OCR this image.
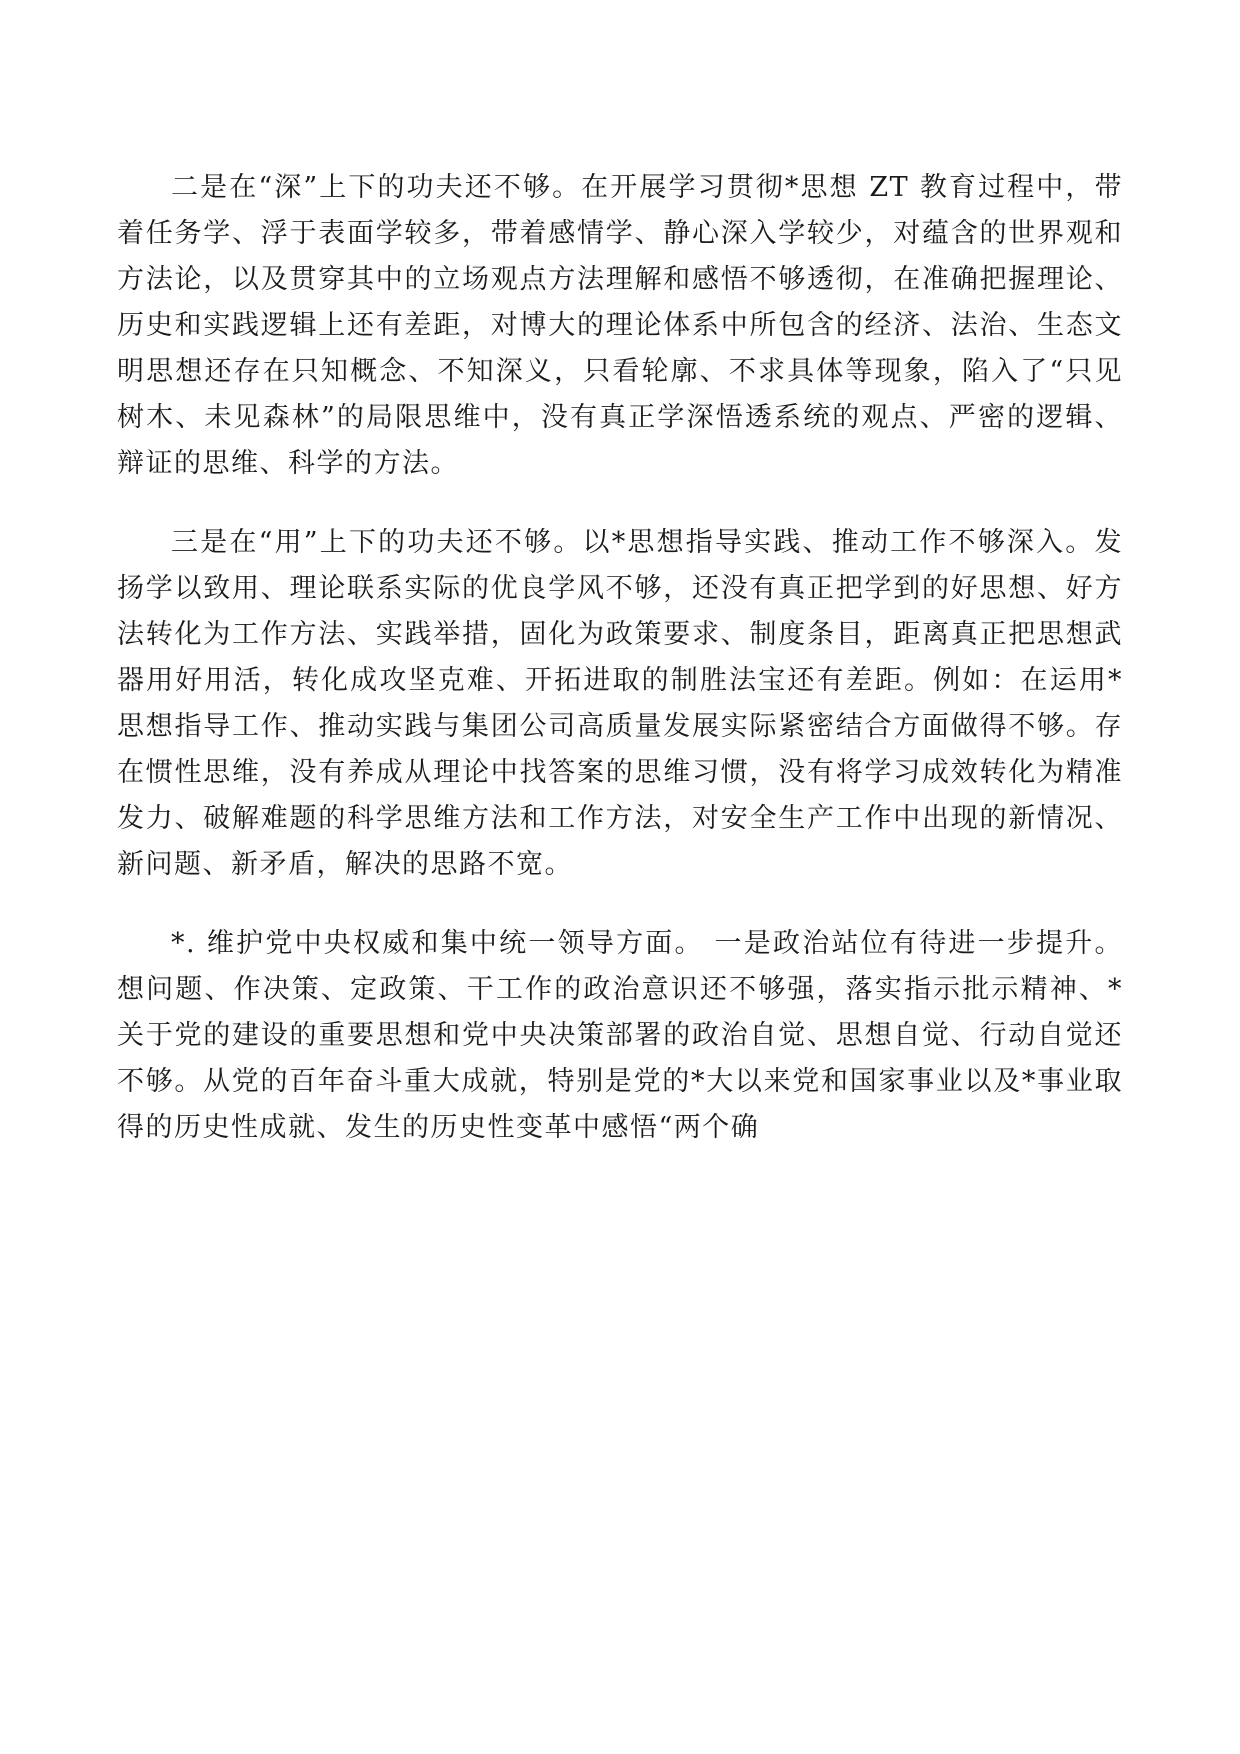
二是在“深”上下的功夫还不够。在开展学习贯彻*思想 ZT 教育过程中，带着任务学、浮于表面学较多，带着感情学、静心深入学较少，对蕴含的世界观和方法论，以及贯穿其中的立场观点方法理解和感悟不够透彻，在准确把握理论、历史和实践逻辑上还有差距，对博大的理论体系中所包含的经济、法治、生态文明思想还存在只知概念、不知深义，只看轮廓、不求具体等现象，陷入了“只见树木、未见森林”的局限思维中，没有真正学深悟透系统的观点、严密的逻辑、辩证的思维、科学的方法。

三是在“用”上下的功夫还不够。以*思想指导实践、推动工作不够深入。发扬学以致用、理论联系实际的优良学风不够，还没有真正把学到的好思想、好方法转化为工作方法、实践举措，固化为政策要求、制度条目，距离真正把思想武器用好用活，转化成攻坚克难、开拓进取的制胜法宝还有差距。例如：在运用*思想指导工作、推动实践与集团公司高质量发展实际紧密结合方面做得不够。存在惯性思维，没有养成从理论中找答案的思维习惯，没有将学习成效转化为精准发力、破解难题的科学思维方法和工作方法，对安全生产工作中出现的新情况、新问题、新矛盾，解决的思路不宽。

*. 维护党中央权威和集中统一领导方面。 一是政治站位有待进一步提升。想问题、作决策、定政策、干工作的政治意识还不够强，落实指示批示精神、*关于党的建设的重要思想和党中央决策部署的政治自觉、思想自觉、行动自觉还不够。从党的百年奋斗重大成就，特别是党的*大以来党和国家事业以及*事业取得的历史性成就、发生的历史性变革中感悟“两个确
